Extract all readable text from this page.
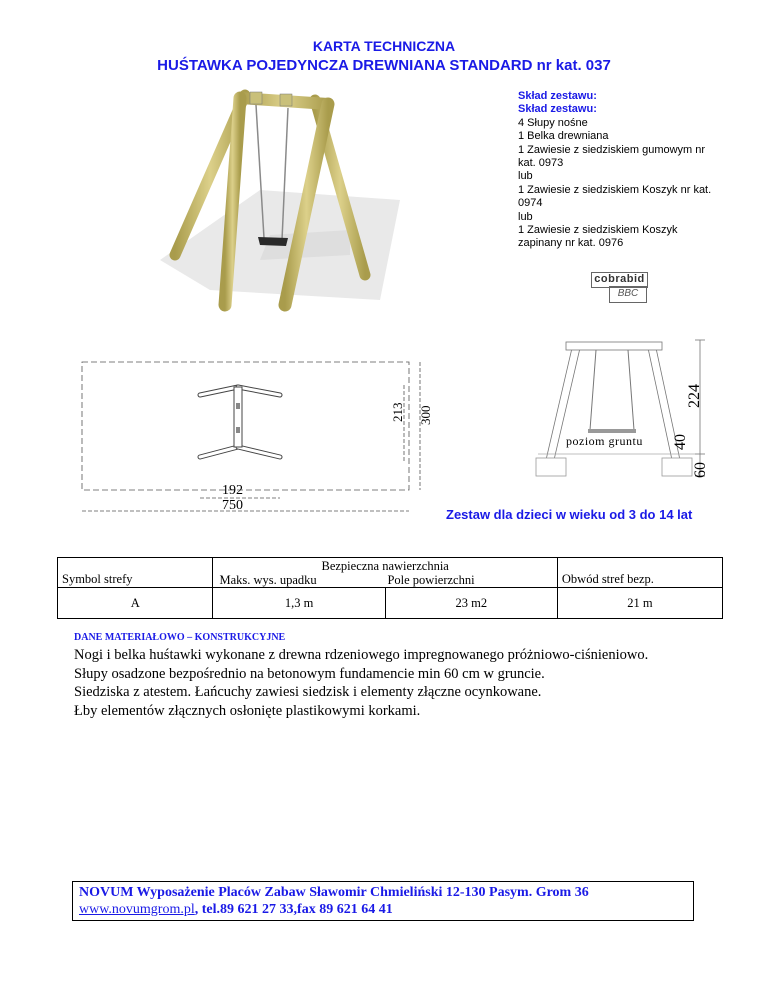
KARTA TECHNICZNA
HUŚTAWKA POJEDYNCZA DREWNIANA STANDARD nr kat. 037
Skład zestawu:
Skład zestawu:
4 Słupy nośne
1 Belka drewniana
1 Zawiesie z siedziskiem gumowym nr kat. 0973
lub
1 Zawiesie z siedziskiem Koszyk nr kat. 0974
lub
1 Zawiesie z siedziskiem Koszyk zapinany nr kat. 0976
cobrabid
BBC
192
750
213 300
poziom gruntu
224
40
60
Zestaw dla dzieci w wieku od 3 do 14 lat
Symbol strefy	Bezpieczna nawierzchnia
Maks. wys. upadku Pole powierzchni		Obwód stref bezp.
A	1,3 m	23 m2	21 m
DANE MATERIAŁOWO – KONSTRUKCYJNE
Nogi i belka huśtawki wykonane z drewna rdzeniowego impregnowanego próżniowo-ciśnieniowo.
Słupy osadzone bezpośrednio na betonowym fundamencie min 60 cm w gruncie.
Siedziska z atestem. Łańcuchy zawiesi siedzisk i elementy złączne ocynkowane.
Łby elementów złącznych osłonięte plastikowymi korkami.
NOVUM Wyposażenie Placów Zabaw Sławomir Chmieliński 12-130 Pasym. Grom 36
www.novumgrom.pl, tel.89 621 27 33,fax 89 621 64 41
